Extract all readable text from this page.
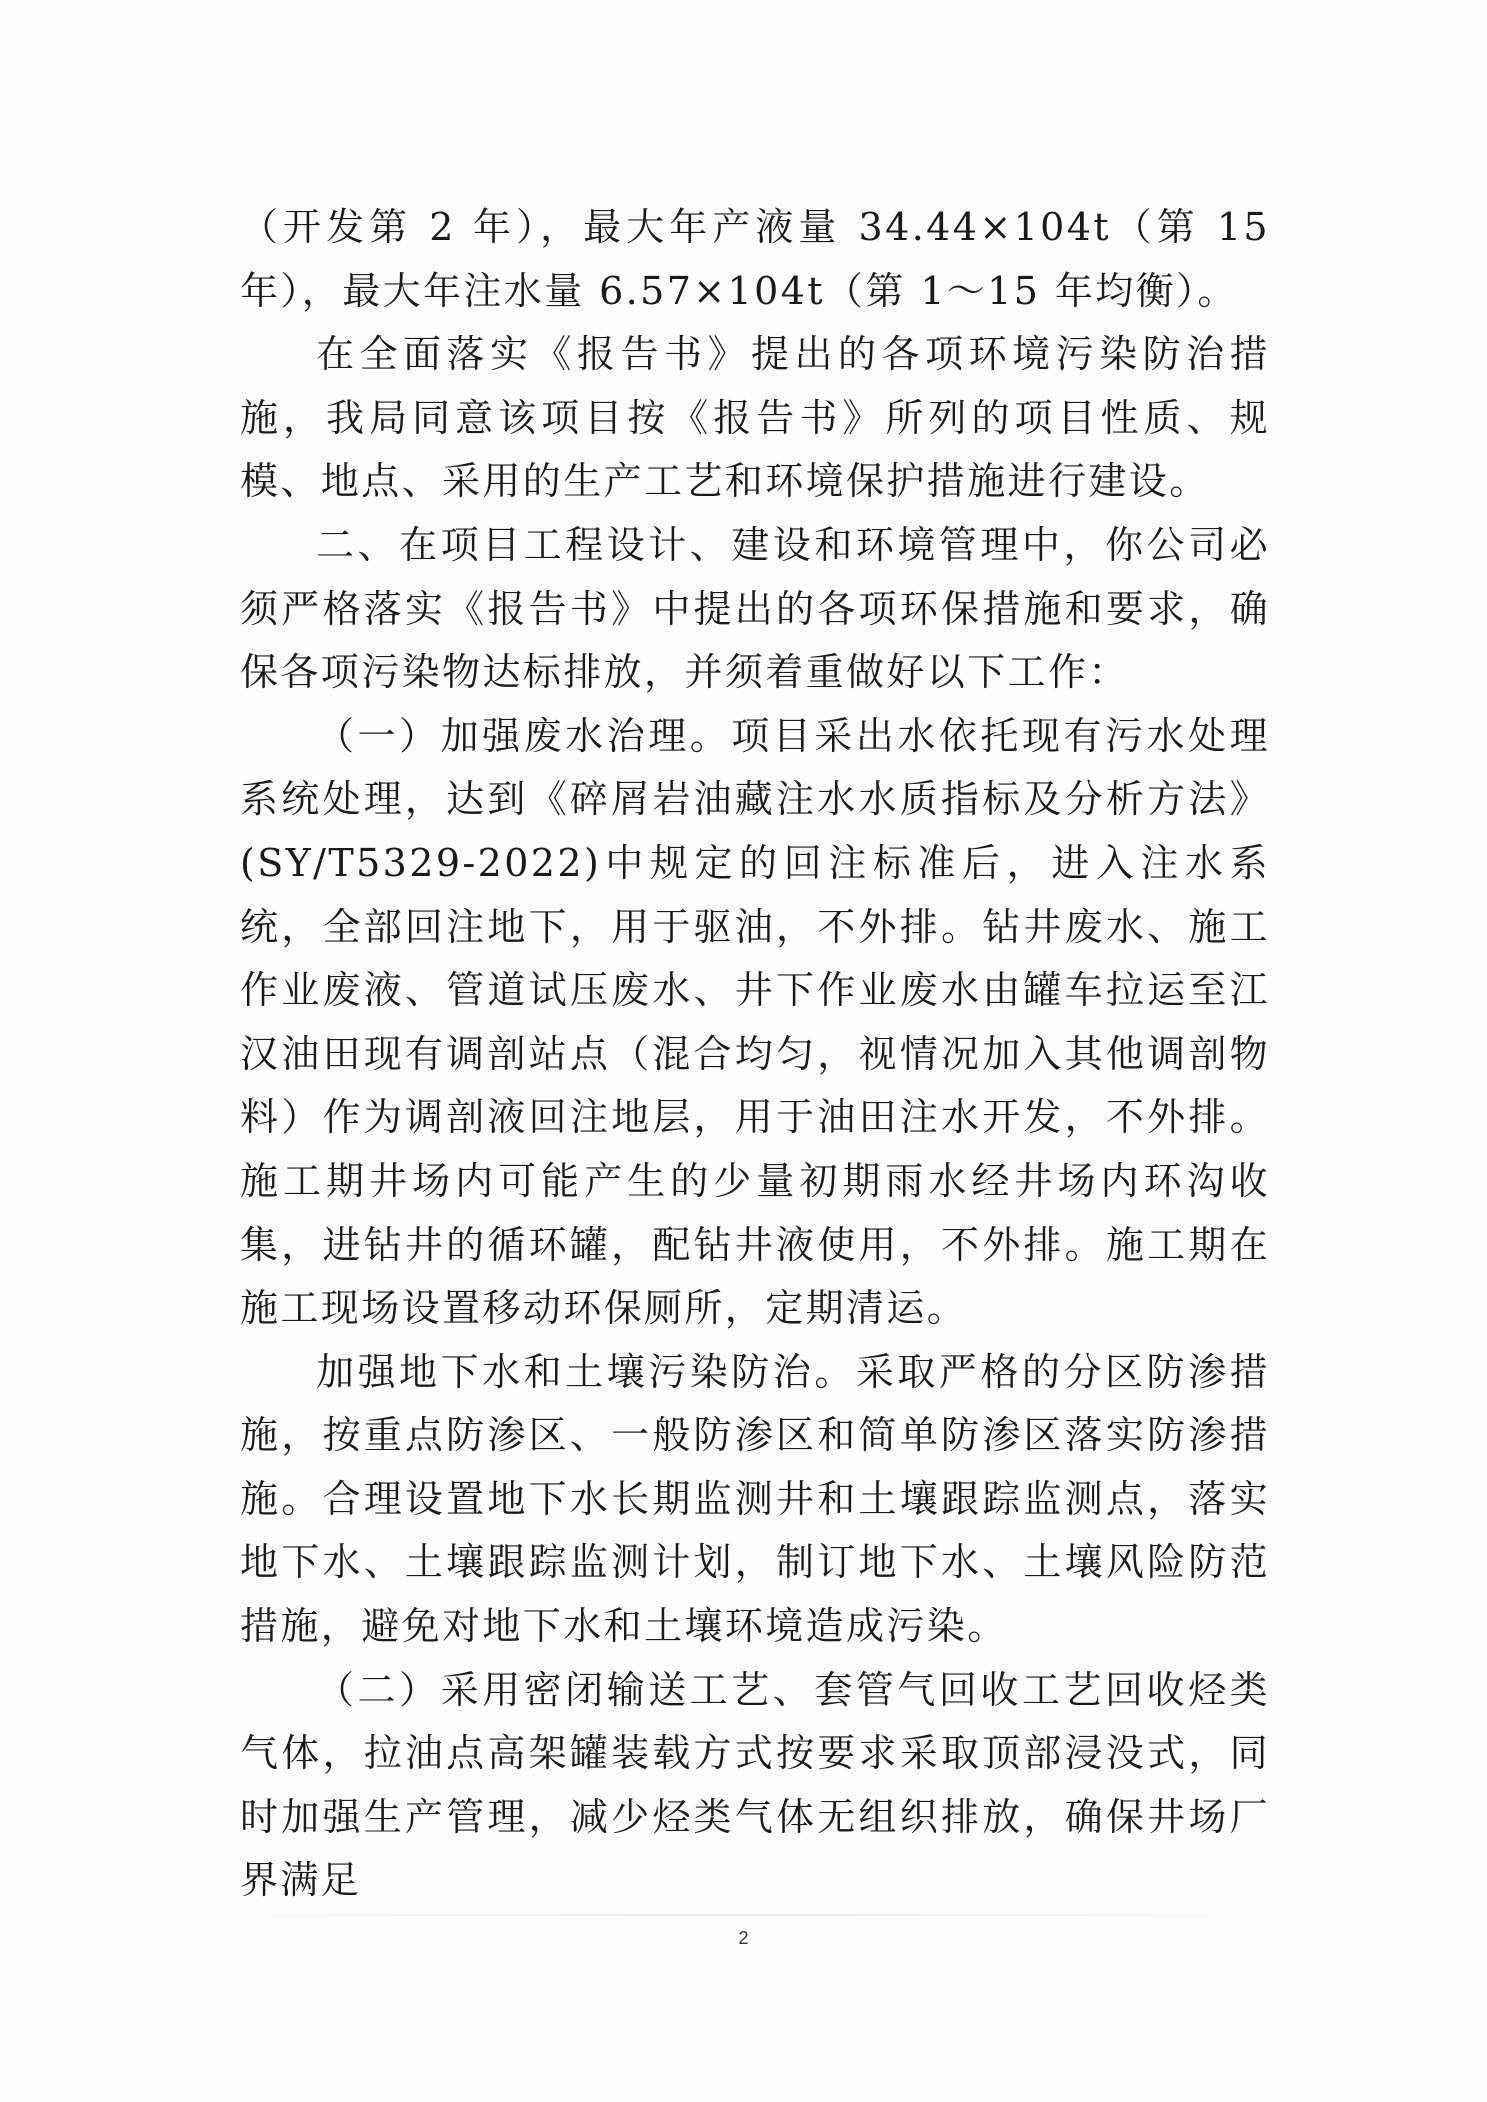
（开发第 2 年），最大年产液量 34.44×104t（第 15 年），最大年注水量 6.57×104t（第 1～15 年均衡）。

在全面落实《报告书》提出的各项环境污染防治措施，我局同意该项目按《报告书》所列的项目性质、规模、地点、采用的生产工艺和环境保护措施进行建设。

二、在项目工程设计、建设和环境管理中，你公司必须严格落实《报告书》中提出的各项环保措施和要求，确保各项污染物达标排放，并须着重做好以下工作：

（一）加强废水治理。项目采出水依托现有污水处理系统处理，达到《碎屑岩油藏注水水质指标及分析方法》(SY/T5329-2022)中规定的回注标准后，进入注水系统，全部回注地下，用于驱油，不外排。钻井废水、施工作业废液、管道试压废水、井下作业废水由罐车拉运至江汉油田现有调剖站点（混合均匀，视情况加入其他调剖物料）作为调剖液回注地层，用于油田注水开发，不外排。施工期井场内可能产生的少量初期雨水经井场内环沟收集，进钻井的循环罐，配钻井液使用，不外排。施工期在施工现场设置移动环保厕所，定期清运。

加强地下水和土壤污染防治。采取严格的分区防渗措施，按重点防渗区、一般防渗区和简单防渗区落实防渗措施。合理设置地下水长期监测井和土壤跟踪监测点，落实地下水、土壤跟踪监测计划，制订地下水、土壤风险防范措施，避免对地下水和土壤环境造成污染。

（二）采用密闭输送工艺、套管气回收工艺回收烃类气体，拉油点高架罐装载方式按要求采取顶部浸没式，同时加强生产管理，减少烃类气体无组织排放，确保井场厂界满足

2
